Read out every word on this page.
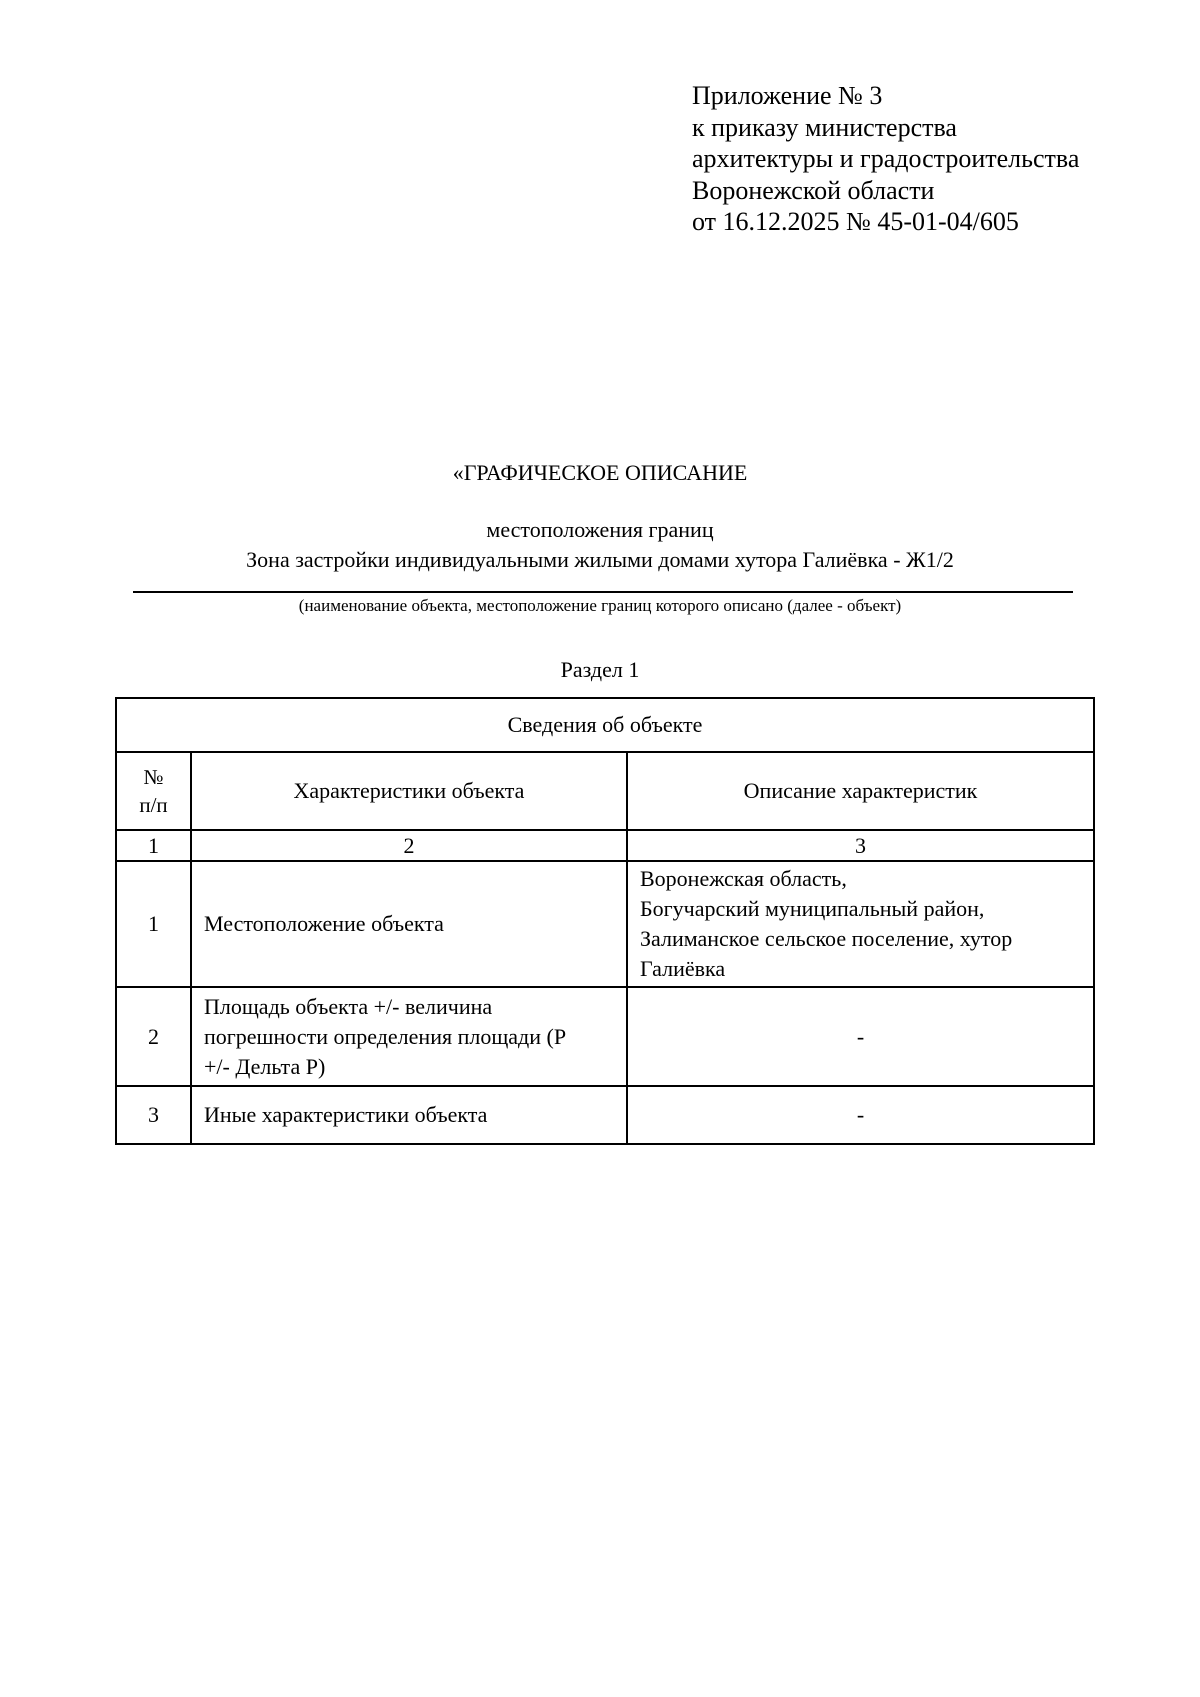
Приложение № 3
к приказу министерства
архитектуры и градостроительства
Воронежской области
от 16.12.2025 № 45-01-04/605
«ГРАФИЧЕСКОЕ ОПИСАНИЕ
местоположения границ
Зона застройки индивидуальными жилыми домами хутора Галиёвка - Ж1/2
(наименование объекта, местоположение границ которого описано (далее - объект)
Раздел 1
Сведения об объекте		

№
п/п	Характеристики объекта	Описание характеристик
1	2	3
1	Местоположение объекта	Воронежская область,
Богучарский муниципальный район,
Залиманское сельское поселение, хутор
Галиёвка

2	Площадь объекта +/- величина
погрешности определения площади (P
+/- Дельта P)	-
3	Иные характеристики объекта	-
